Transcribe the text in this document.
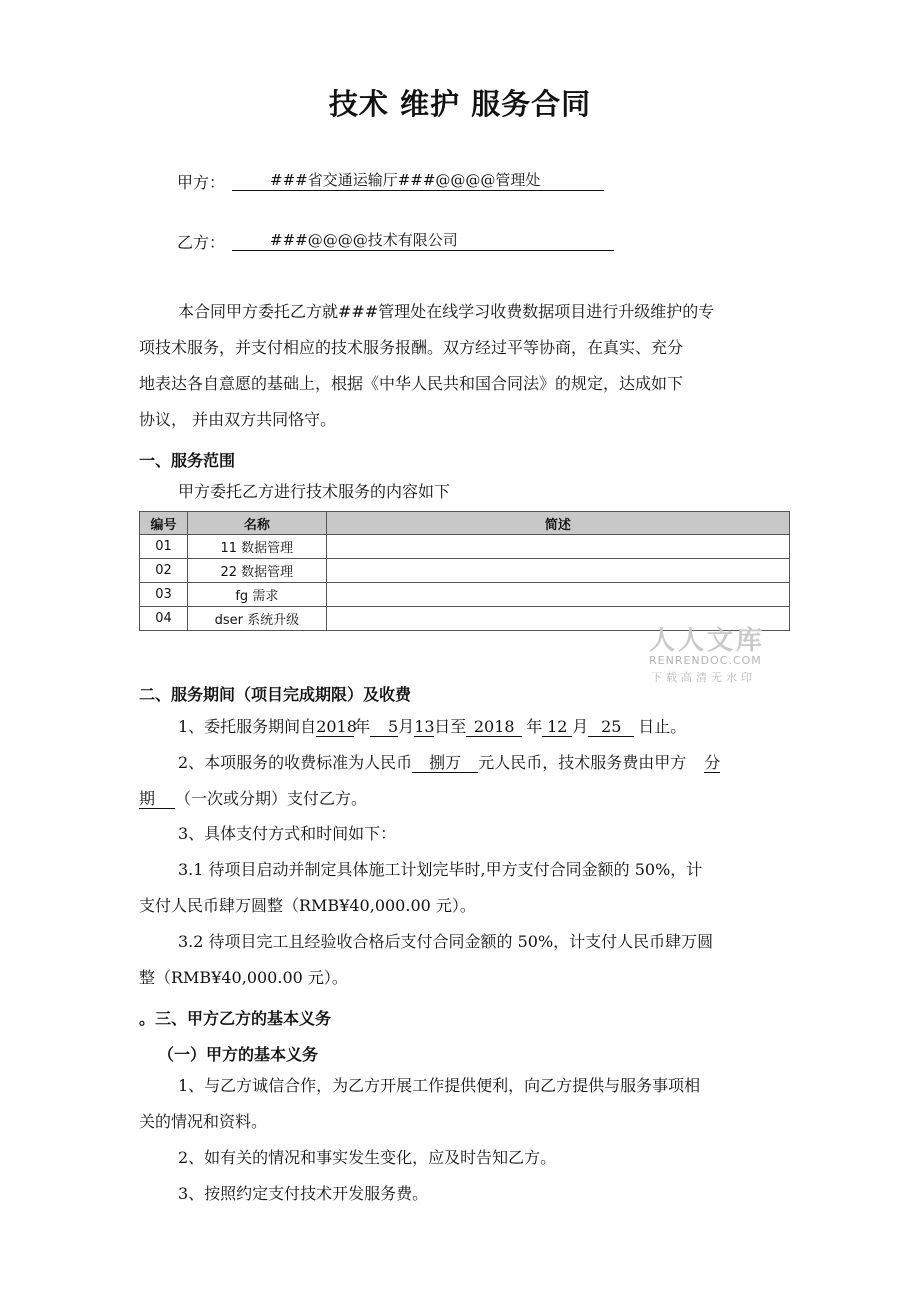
技术 维护 服务合同
甲方：	###省交通运输厅###@@@@管理处
乙方：	###@@@@技术有限公司
本合同甲方委托乙方就###管理处在线学习收费数据项目进行升级维护的专
项技术服务，并支付相应的技术服务报酬。双方经过平等协商，在真实、充分
地表达各自意愿的基础上，根据《中华人民共和国合同法》的规定，达成如下
协议， 并由双方共同恪守。
一、服务范围
甲方委托乙方进行技术服务的内容如下
编号	名称	简述
01	11 数据管理	
02	22 数据管理	
03	fg 需求	
04	dser 系统升级	
人人文库
RENRENDOC.COM
下载高清无水印
二、服务期间（项目完成期限）及收费
1、委托服务期间自2018年 5月13日至 2018 年 12 月 25 日止。
2、本项服务的收费标准为人民币 捌万 元人民币，技术服务费由甲方 分
期 （一次或分期）支付乙方。
3、具体支付方式和时间如下：
3.1 待项目启动并制定具体施工计划完毕时,甲方支付合同金额的 50%，计
支付人民币肆万圆整（RMB¥40,000.00 元）。
3.2 待项目完工且经验收合格后支付合同金额的 50%，计支付人民币肆万圆
整（RMB¥40,000.00 元）。
。三、甲方乙方的基本义务
（一）甲方的基本义务
1、与乙方诚信合作，为乙方开展工作提供便利，向乙方提供与服务事项相
关的情况和资料。
2、如有关的情况和事实发生变化，应及时告知乙方。
3、按照约定支付技术开发服务费。
